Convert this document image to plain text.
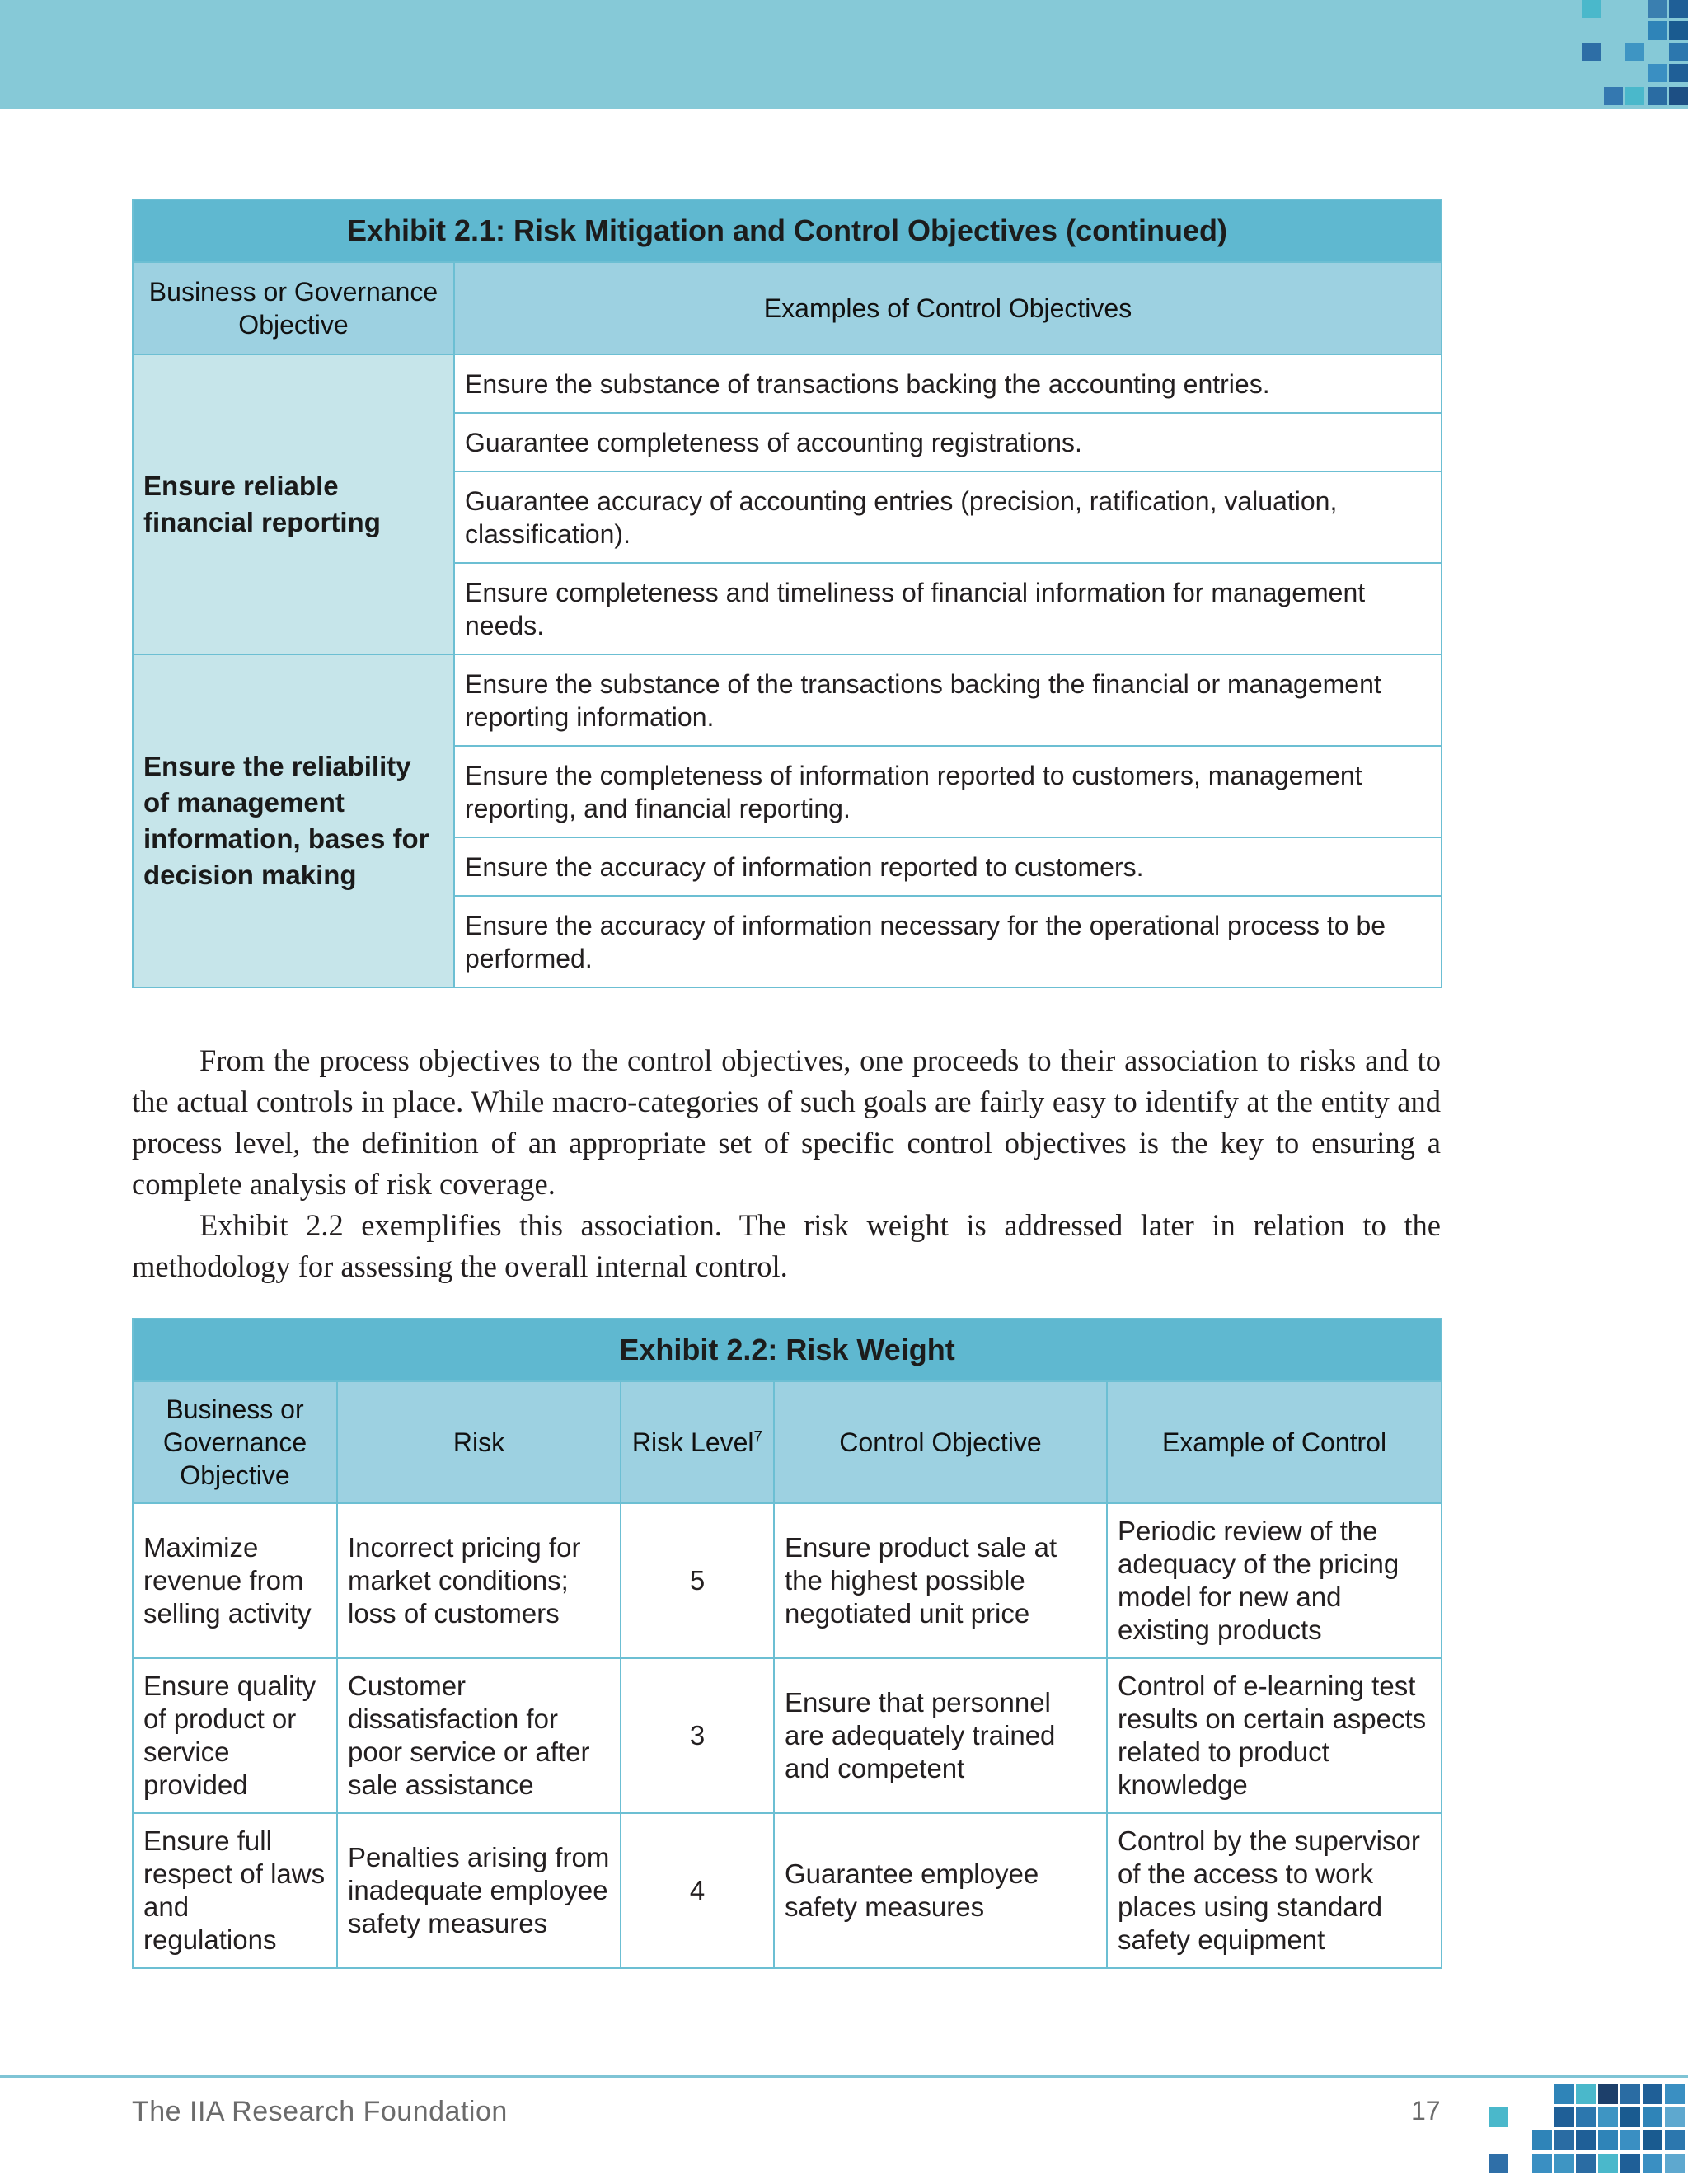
Exhibit 2.1: Risk Mitigation and Control Objectives (continued)	
Business or Governance Objective	Examples of Control Objectives
Ensure reliable financial reporting	Ensure the substance of transactions backing the accounting entries.
	Guarantee completeness of accounting registrations.
	Guarantee accuracy of accounting entries (precision, ratification, valuation, classification).
	Ensure completeness and timeliness of financial information for management needs.
Ensure the reliability of management information, bases for decision making	Ensure the substance of the transactions backing the financial or management reporting information.
	Ensure the completeness of information reported to customers, management reporting, and financial reporting.
	Ensure the accuracy of information reported to customers.
	Ensure the accuracy of information necessary for the operational process to be performed.

From the process objectives to the control objectives, one proceeds to their association to risks and to the actual controls in place. While macro-categories of such goals are fairly easy to identify at the entity and process level, the definition of an appropriate set of specific control objectives is the key to ensuring a complete analysis of risk coverage.

Exhibit 2.2 exemplifies this association. The risk weight is addressed later in relation to the methodology for assessing the overall internal control.

Exhibit 2.2: Risk Weight				
Business or Governance Objective	Risk	Risk Level$^7$	Control Objective	Example of Control
Maximize revenue from selling activity	Incorrect pricing for market conditions; loss of customers	5	Ensure product sale at the highest possible negotiated unit price	Periodic review of the adequacy of the pricing model for new and existing products
Ensure quality of product or service provided	Customer dissatisfaction for poor service or after sale assistance	3	Ensure that personnel are adequately trained and competent	Control of e-learning test results on certain aspects related to product knowledge
Ensure full respect of laws and regulations	Penalties arising from inadequate employee safety measures	4	Guarantee employee safety measures	Control by the supervisor of the access to work places using standard safety equipment
The IIA Research Foundation	17
